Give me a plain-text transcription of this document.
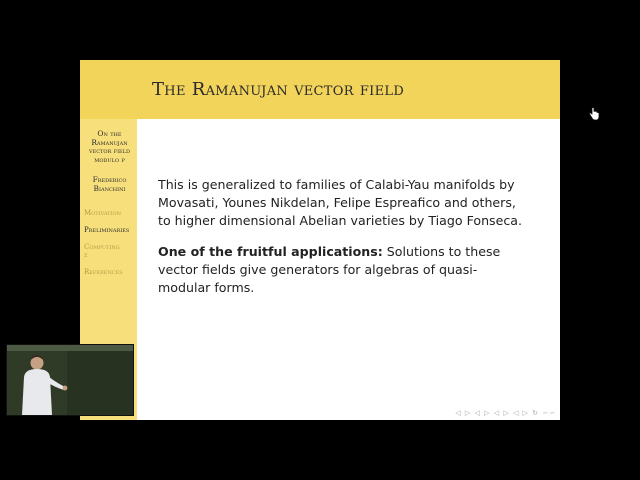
The Ramanujan vector field
On the Ramanujan vector field modulo p
Frederico Bianchini
Motivation
Preliminaries
Computing
σ
References

This is generalized to families of Calabi-Yau manifolds by Movasati, Younes Nikdelan, Felipe Espreafico and others, to higher dimensional Abelian varieties by Tiago Fonseca.

One of the fruitful applications: Solutions to these vector fields give generators for algebras of quasi-modular forms.

◁ ▷ ◁ ▷ ◁ ▷ ◁ ▷ ↻ ∽∽
